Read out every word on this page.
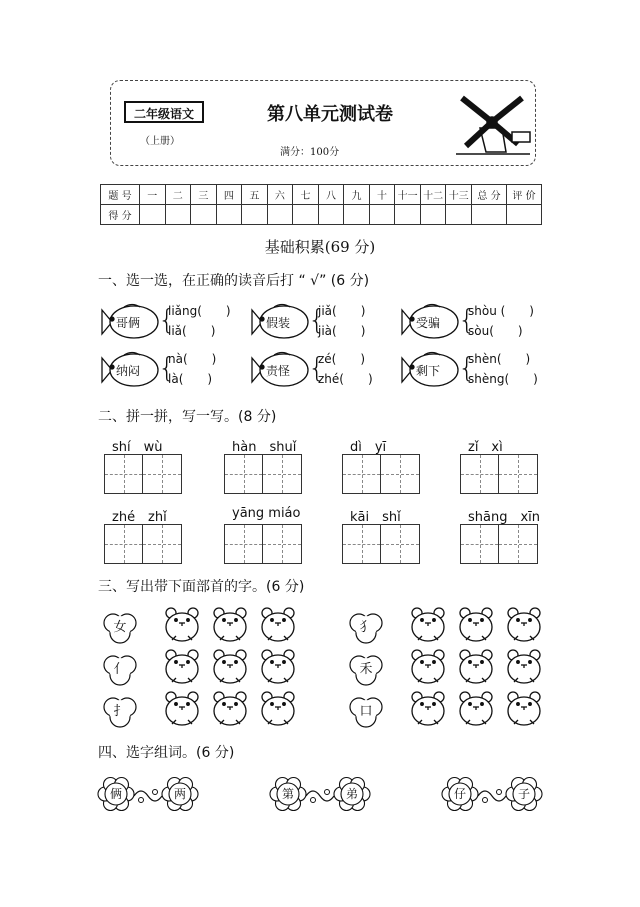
二年级语文
（上册）
第八单元测试卷
满分：100分
题 号	一	二	三	四	五	六	七	八	九	十	十一	十二	十三	总 分	评 价
得 分															
基础积累(69 分)
一、选一选，在正确的读音后打 “ √” (6 分)
哥俩 {
liǎng(　　)
liǎ(　　)
假装 {
jiǎ(　　)
jià(　　)
受骗 {
shòu (　　)
sòu(　　)
纳闷 {
nà(　　)
là(　　)
责怪 {
zé(　　)
zhé(　　)
剩下 {
shèn(　　)
shèng(　　)
二、拼一拼，写一写。(8 分)
shí　wù	hàn　shuǐ	dì　yī	zǐ　xì
zhé　zhǐ	yāng miáo	kāi　shǐ	shāng　xīn
三、写出带下面部首的字。(6 分)
女
亻
扌
犭
禾
口
四、选字组词。(6 分)
俩	两	第	弟	仔	子
